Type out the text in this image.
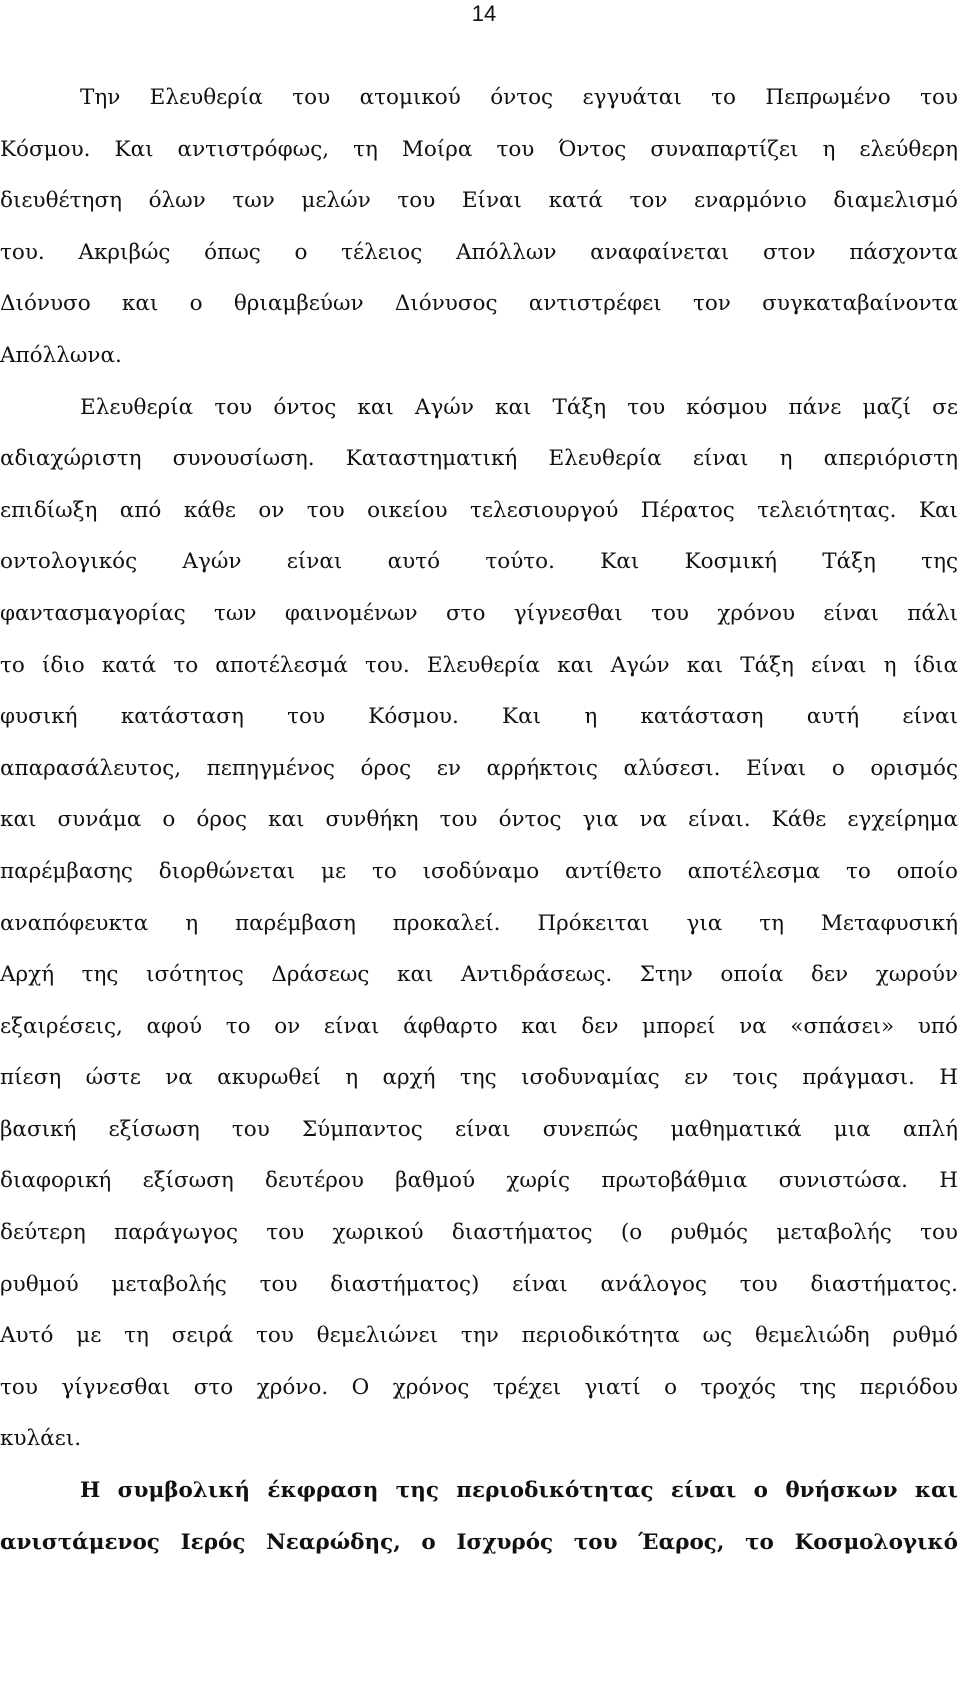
14
Την Ελευθερία του ατομικού όντος εγγυάται το Πεπρωμένο του
Κόσμου. Και αντιστρόφως, τη Μοίρα του Όντος συναπαρτίζει η ελεύθερη
διευθέτηση όλων των μελών του Είναι κατά τον εναρμόνιο διαμελισμό
του. Ακριβώς όπως ο τέλειος Απόλλων αναφαίνεται στον πάσχοντα
Διόνυσο και ο θριαμβεύων Διόνυσος αντιστρέφει τον συγκαταβαίνοντα
Απόλλωνα.
Ελευθερία του όντος και Αγών και Τάξη του κόσμου πάνε μαζί σε
αδιαχώριστη συνουσίωση. Καταστηματική Ελευθερία είναι η απεριόριστη
επιδίωξη από κάθε ον του οικείου τελεσιουργού Πέρατος τελειότητας. Και
οντολογικός Αγών είναι αυτό τούτο. Και Κοσμική Τάξη της
φαντασμαγορίας των φαινομένων στο γίγνεσθαι του χρόνου είναι πάλι
το ίδιο κατά το αποτέλεσμά του. Ελευθερία και Αγών και Τάξη είναι η ίδια
φυσική κατάσταση του Κόσμου. Και η κατάσταση αυτή είναι
απαρασάλευτος, πεπηγμένος όρος εν αρρήκτοις αλύσεσι. Είναι ο ορισμός
και συνάμα ο όρος και συνθήκη του όντος για να είναι. Κάθε εγχείρημα
παρέμβασης διορθώνεται με το ισοδύναμο αντίθετο αποτέλεσμα το οποίο
αναπόφευκτα η παρέμβαση προκαλεί. Πρόκειται για τη Μεταφυσική
Αρχή της ισότητος Δράσεως και Αντιδράσεως. Στην οποία δεν χωρούν
εξαιρέσεις, αφού το ον είναι άφθαρτο και δεν μπορεί να «σπάσει» υπό
πίεση ώστε να ακυρωθεί η αρχή της ισοδυναμίας εν τοις πράγμασι. Η
βασική εξίσωση του Σύμπαντος είναι συνεπώς μαθηματικά μια απλή
διαφορική εξίσωση δευτέρου βαθμού χωρίς πρωτοβάθμια συνιστώσα. Η
δεύτερη παράγωγος του χωρικού διαστήματος (ο ρυθμός μεταβολής του
ρυθμού μεταβολής του διαστήματος) είναι ανάλογος του διαστήματος.
Αυτό με τη σειρά του θεμελιώνει την περιοδικότητα ως θεμελιώδη ρυθμό
του γίγνεσθαι στο χρόνο. Ο χρόνος τρέχει γιατί ο τροχός της περιόδου
κυλάει.
Η συμβολική έκφραση της περιοδικότητας είναι ο θνήσκων και
ανιστάμενος Ιερός Νεαρώδης, ο Ισχυρός του Έαρος, το Κοσμολογικό
